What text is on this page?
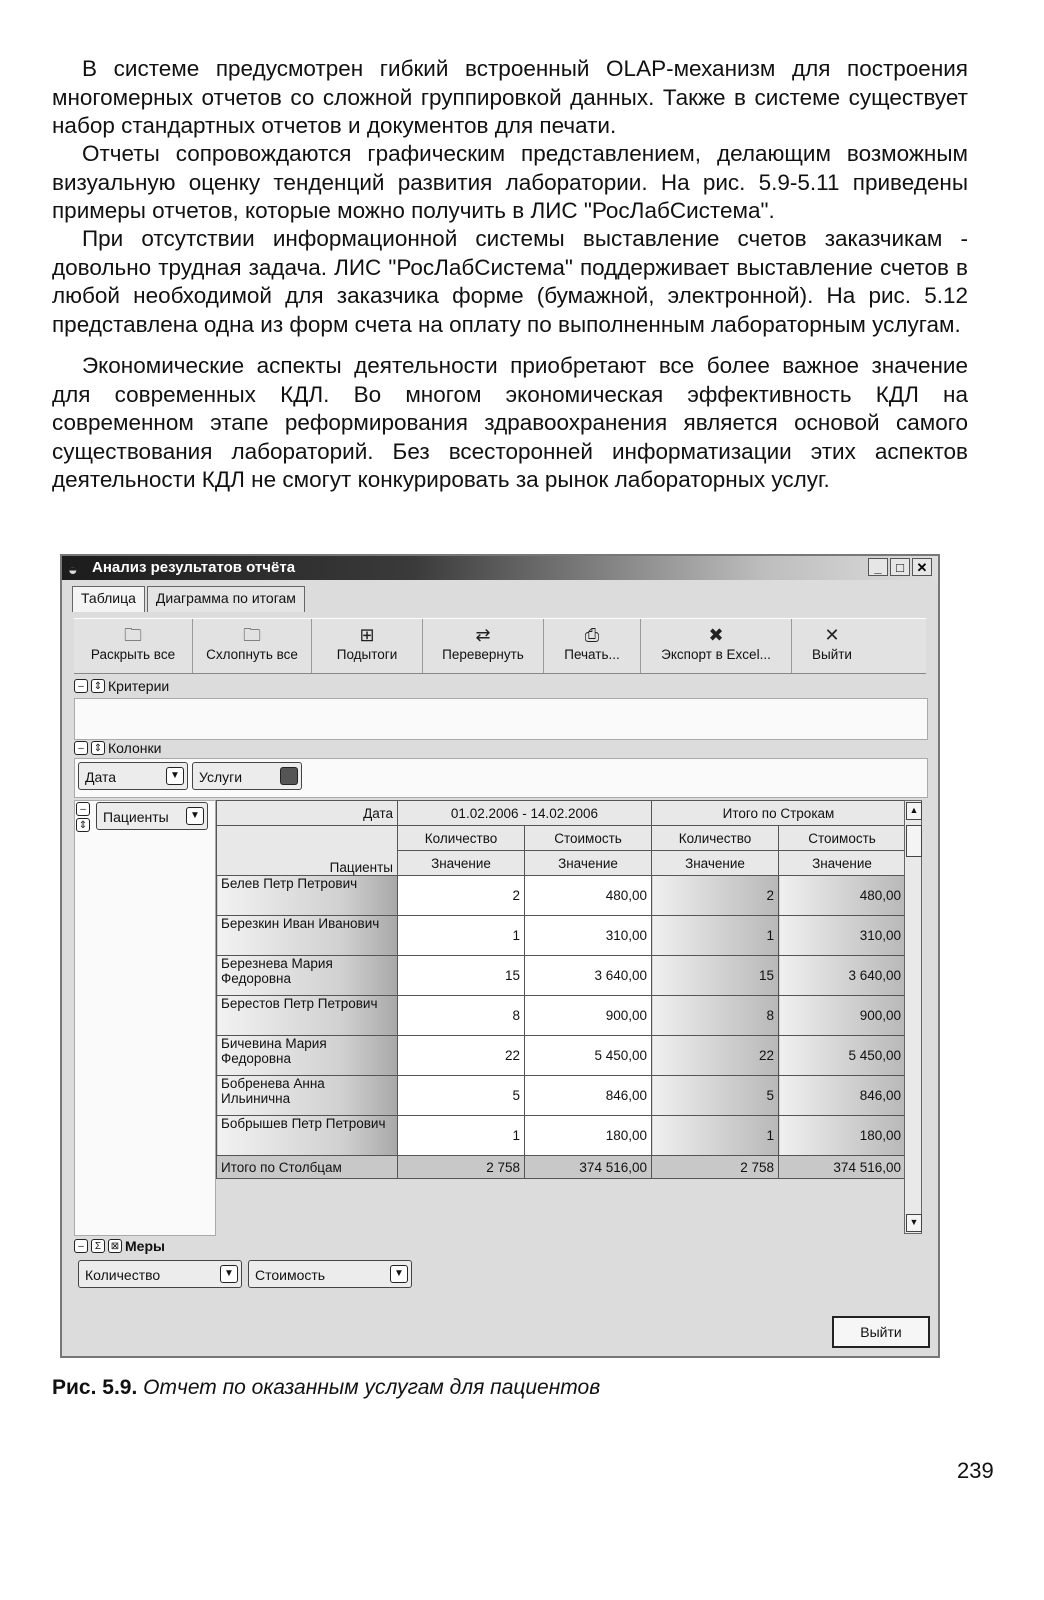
В системе предусмотрен гибкий встроенный OLAP-механизм для построения многомерных отчетов со сложной группировкой данных. Также в системе существует набор стандартных отчетов и документов для печати.

Отчеты сопровождаются графическим представлением, делающим возможным визуальную оценку тенденций развития лаборатории. На рис. 5.9-5.11 приведены примеры отчетов, которые можно получить в ЛИС "РосЛабСистема".

При отсутствии информационной системы выставление счетов заказчикам - довольно трудная задача. ЛИС "РосЛабСистема" поддерживает выставление счетов в любой необходимой для заказчика форме (бумажной, электронной). На рис. 5.12 представлена одна из форм счета на оплату по выполненным лабораторным услугам.

Экономические аспекты деятельности приобретают все более важное значение для современных КДЛ. Во многом экономическая эффективность КДЛ на современном этапе реформирования здравоохранения является основой самого существования лабораторий. Без всесторонней информатизации этих аспектов деятельности КДЛ не смогут конкурировать за рынок лабораторных услуг.

◒ Анализ результатов отчёта	_	□ ✕
Таблица	Диаграмма по итогам
🗀
Раскрыть все
🗀
Схлопнуть все
⊞
Подытоги
⇄
Перевернуть
⎙
Печать...
✖
Экспорт в Excel...
✕
Выйти
–	⇕ Критерии
–	⇕ Колонки
Дата	▼	Услуги
–
⇕
Пациенты	▼	Дата	01.02.2006 - 14.02.2006		Итого по Строкам	
Пациенты	Количество	Стоимость	Количество	Стоимость
	Значение	Значение	Значение	Значение
Белев Петр Петрович	2	480,00	2	480,00
Березкин Иван Иванович	1	310,00	1	310,00
Березнева Мария Федоровна	15	3 640,00	15	3 640,00
Берестов Петр Петрович	8	900,00	8	900,00
Бичевина Мария Федоровна	22	5 450,00	22	5 450,00
Бобренева Анна Ильинична	5	846,00	5	846,00
Бобрышев Петр Петрович	1	180,00	1	180,00
Итого по Столбцам	2 758	374 516,00	2 758	374 516,00
▲
▼
–	Σ ⊠ Меры
Количество	▼	Стоимость	▼
Выйти
Рис. 5.9. Отчет по оказанным услугам для пациентов
239
